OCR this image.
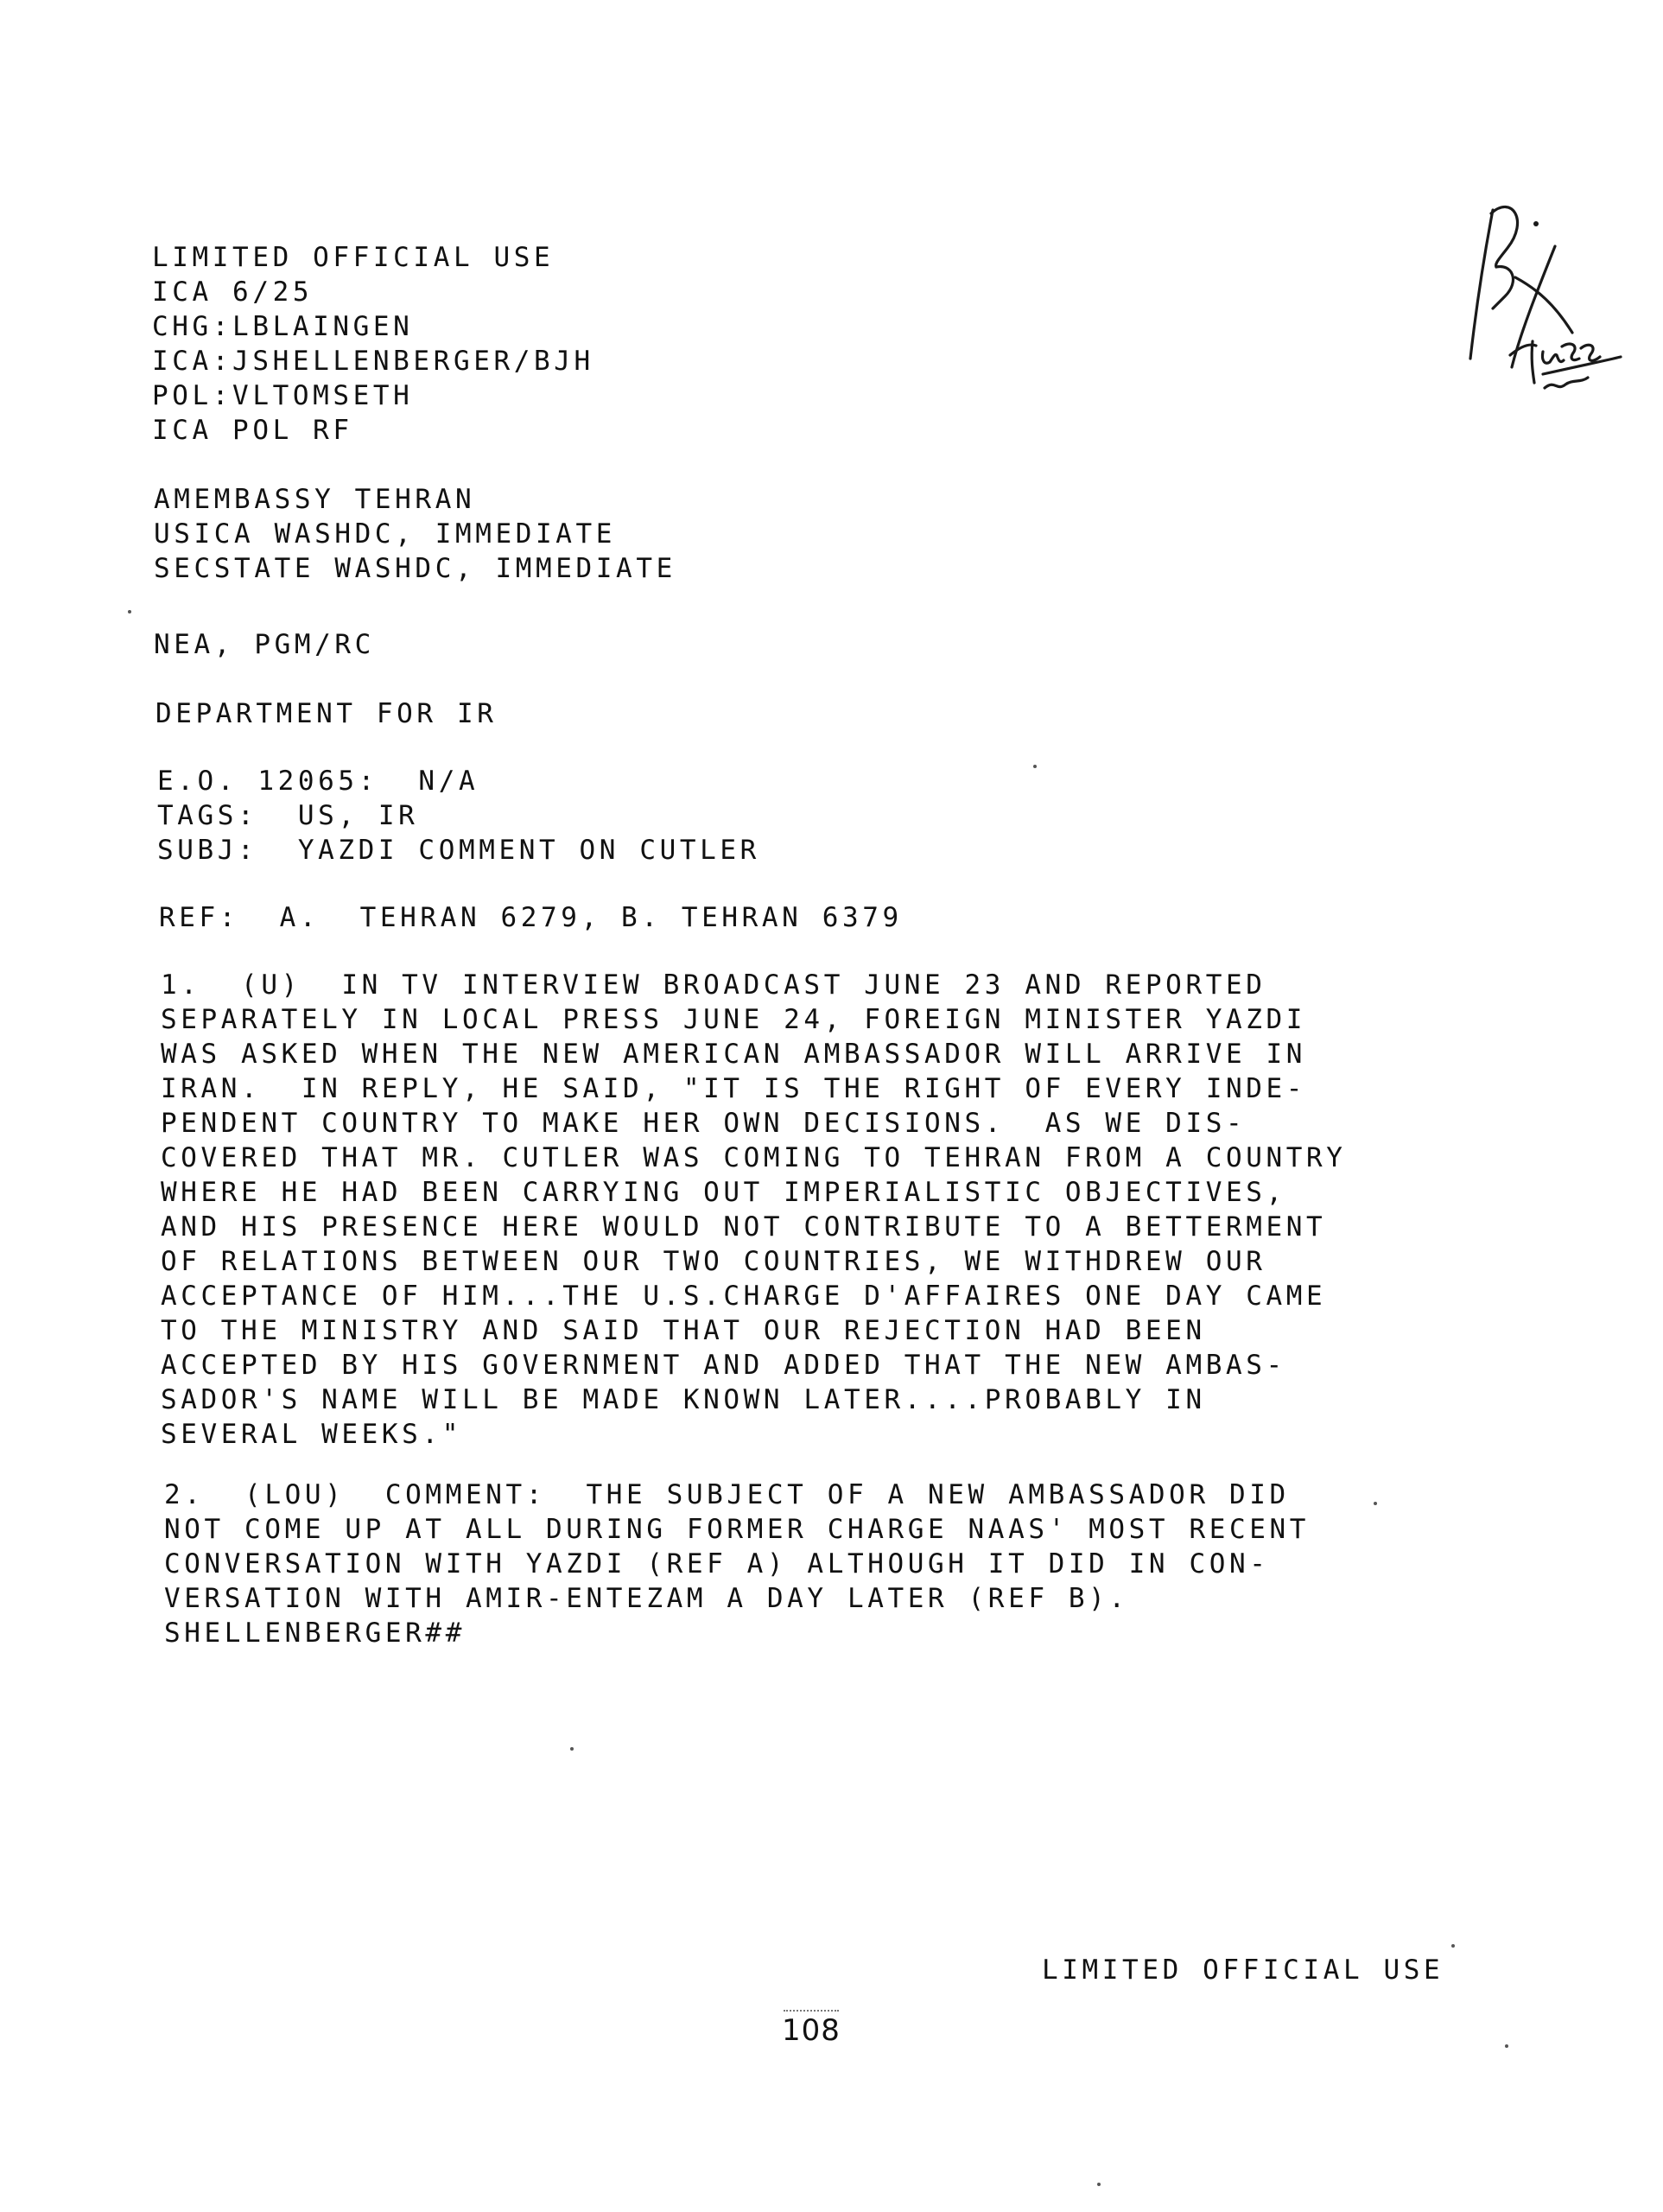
LIMITED OFFICIAL USE
ICA 6/25
CHG:LBLAINGEN
ICA:JSHELLENBERGER/BJH
POL:VLTOMSETH
ICA POL RF
AMEMBASSY TEHRAN
USICA WASHDC, IMMEDIATE
SECSTATE WASHDC, IMMEDIATE
NEA, PGM/RC
DEPARTMENT FOR IR
E.O. 12065:  N/A
TAGS:  US, IR
SUBJ:  YAZDI COMMENT ON CUTLER
REF:  A.  TEHRAN 6279, B. TEHRAN 6379
1.  (U)  IN TV INTERVIEW BROADCAST JUNE 23 AND REPORTED
SEPARATELY IN LOCAL PRESS JUNE 24, FOREIGN MINISTER YAZDI
WAS ASKED WHEN THE NEW AMERICAN AMBASSADOR WILL ARRIVE IN
IRAN.  IN REPLY, HE SAID, "IT IS THE RIGHT OF EVERY INDE-
PENDENT COUNTRY TO MAKE HER OWN DECISIONS.  AS WE DIS-
COVERED THAT MR. CUTLER WAS COMING TO TEHRAN FROM A COUNTRY
WHERE HE HAD BEEN CARRYING OUT IMPERIALISTIC OBJECTIVES,
AND HIS PRESENCE HERE WOULD NOT CONTRIBUTE TO A BETTERMENT
OF RELATIONS BETWEEN OUR TWO COUNTRIES, WE WITHDREW OUR
ACCEPTANCE OF HIM...THE U.S.CHARGE D'AFFAIRES ONE DAY CAME
TO THE MINISTRY AND SAID THAT OUR REJECTION HAD BEEN
ACCEPTED BY HIS GOVERNMENT AND ADDED THAT THE NEW AMBAS-
SADOR'S NAME WILL BE MADE KNOWN LATER....PROBABLY IN
SEVERAL WEEKS."
2.  (LOU)  COMMENT:  THE SUBJECT OF A NEW AMBASSADOR DID
NOT COME UP AT ALL DURING FORMER CHARGE NAAS' MOST RECENT
CONVERSATION WITH YAZDI (REF A) ALTHOUGH IT DID IN CON-
VERSATION WITH AMIR-ENTEZAM A DAY LATER (REF B).
SHELLENBERGER##
LIMITED OFFICIAL USE
108
